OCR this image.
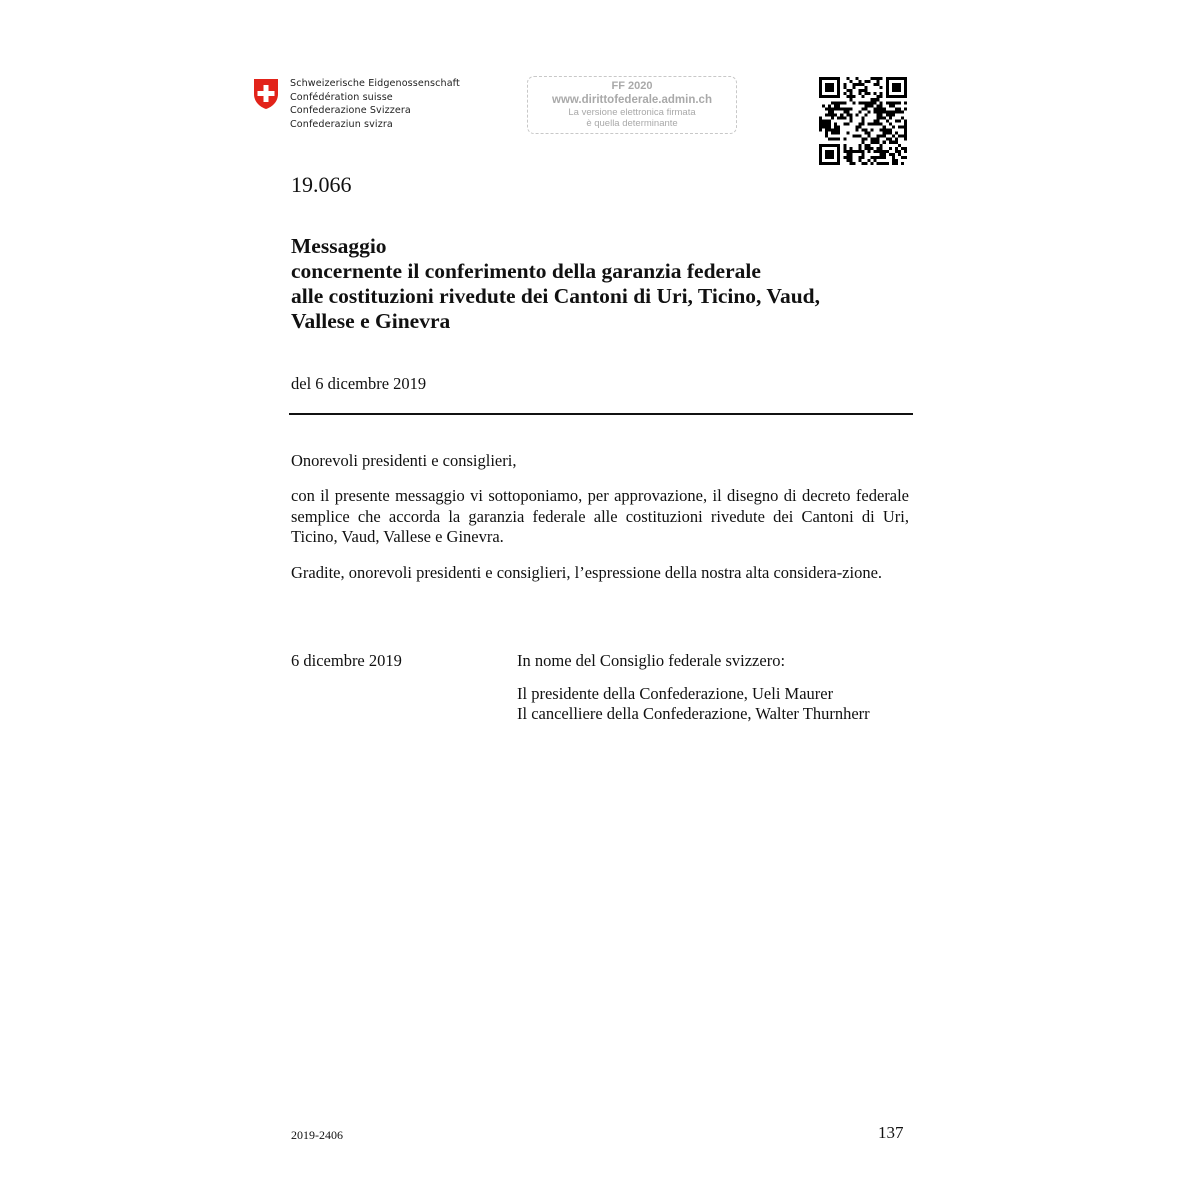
Schweizerische Eidgenossenschaft
Confédération suisse
Confederazione Svizzera
Confederaziun svizra
FF 2020
www.dirittofederale.admin.ch
La versione elettronica firmata
è quella determinante
19.066
Messaggio
concernente il conferimento della garanzia federale
alle costituzioni rivedute dei Cantoni di Uri, Ticino, Vaud,
Vallese e Ginevra
del 6 dicembre 2019
Onorevoli presidenti e consiglieri,
con il presente messaggio vi sottoponiamo, per approvazione, il disegno di decreto federale semplice che accorda la garanzia federale alle costituzioni rivedute dei Cantoni di Uri, Ticino, Vaud, Vallese e Ginevra.
Gradite, onorevoli presidenti e consiglieri, l’espressione della nostra alta considera-zione.
6 dicembre 2019	In nome del Consiglio federale svizzero:
Il presidente della Confederazione, Ueli Maurer
Il cancelliere della Confederazione, Walter Thurnherr
2019-2406	137
